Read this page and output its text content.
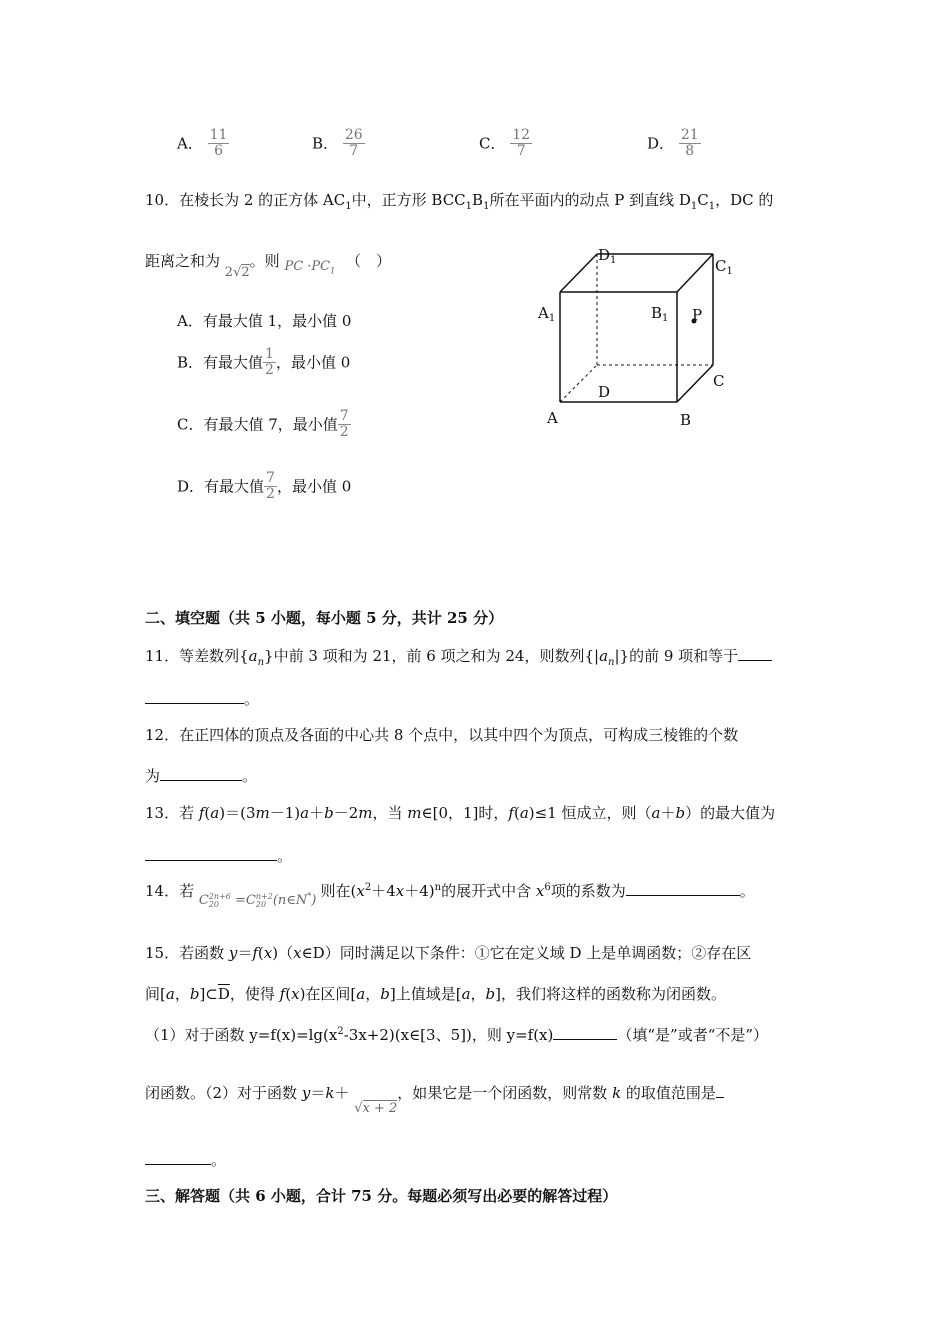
A． $\frac{11}{6}$	B． $\frac{26}{7}$	C． $\frac{12}{7}$	D． $\frac{21}{8}$
10．在棱长为 2 的正方体 $AC_1$中，正方形 $BCC_1B_1$所在平面内的动点 P 到直线 $D_1C_1$，DC 的
距离之和为 2√2。则 PC $\cdot PC_1$ （　）
A．有最大值 1，最小值 0
B．有最大值 $\frac{1}{2}$ ，最小值 0
C．有最大值 7，最小值 $\frac{7}{2}$
D．有最大值 $\frac{7}{2}$ ，最小值 0
$D_1$	$C_1$
$A_1$	$B_1$ P
C
D
A	B
二、填空题（共 5 小题，每小题 5 分，共计 25 分）
11．等差数列$\{a_n\}$中前 3 项和为 21，前 6 项之和为 24，则数列$\{|a_n|\}$的前 9 项和等于
。
12．在正四体的顶点及各面的中心共 8 个点中，以其中四个为顶点，可构成三棱锥的个数
为	。
13．若 f(a)＝(3m－1)a＋b－2m，当 m∈[0，1]时，f(a)≤1 恒成立，则（a＋b）的最大值为
。
14．若 C 2n+6
20	=C n+2
20 (n∈N*) 则在$(x^2+4x+4)^n$的展开式中含 $x^6$项的系数为	。
15．若函数 y＝f(x)（x∈D）同时满足以下条件：①它在定义域 D 上是单调函数；②存在区
间[a，$b]\subset\overline{D}$，使得 f(x)在区间[a，b]上值域是[a，b]，我们将这样的函数称为闭函数。
（1）对于函数 $y=f(x)=\lg(x^2-3x+2)(x\in[3$、5])，则 y=f(x)	（填“是”或者“不是”）
闭函数。（2）对于函数 y＝k＋ √x + 2，如果它是一个闭函数，则常数 k 的取值范围是
。
三、解答题（共 6 小题，合计 75 分。每题必须写出必要的解答过程）
